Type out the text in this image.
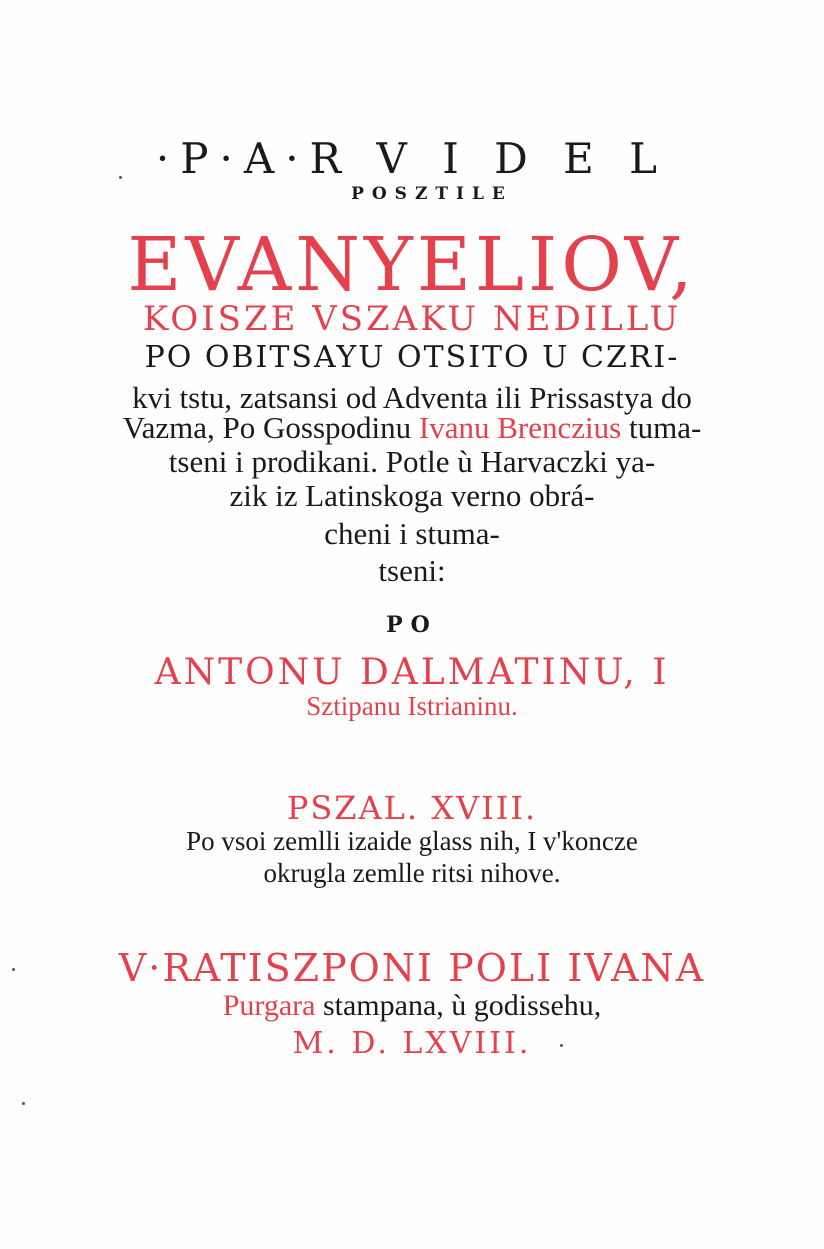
·P·A·R V I D E L
POSZTILE
EVANYELIOV,
KOISZE VSZAKU NEDILLU
PO OBITSAYU OTSITO U CZRI-
kvi tstu, zatsansi od Adventa ili Prissastya do
Vazma, Po Gosspodinu Ivanu Brenczius tuma-
tseni i prodikani. Potle ù Harvaczki ya-
zik iz Latinskoga verno obrá-
cheni i stuma-
tseni:
PO
ANTONU DALMATINU, I
Sztipanu Istrianinu.
PSZAL. XVIII.
Po vsoi zemlli izaide glass nih, I v'koncze
okrugla zemlle ritsi nihove.
V·RATISZPONI POLI IVANA
Purgara stampana, ù godissehu,
M. D. LXVIII.
